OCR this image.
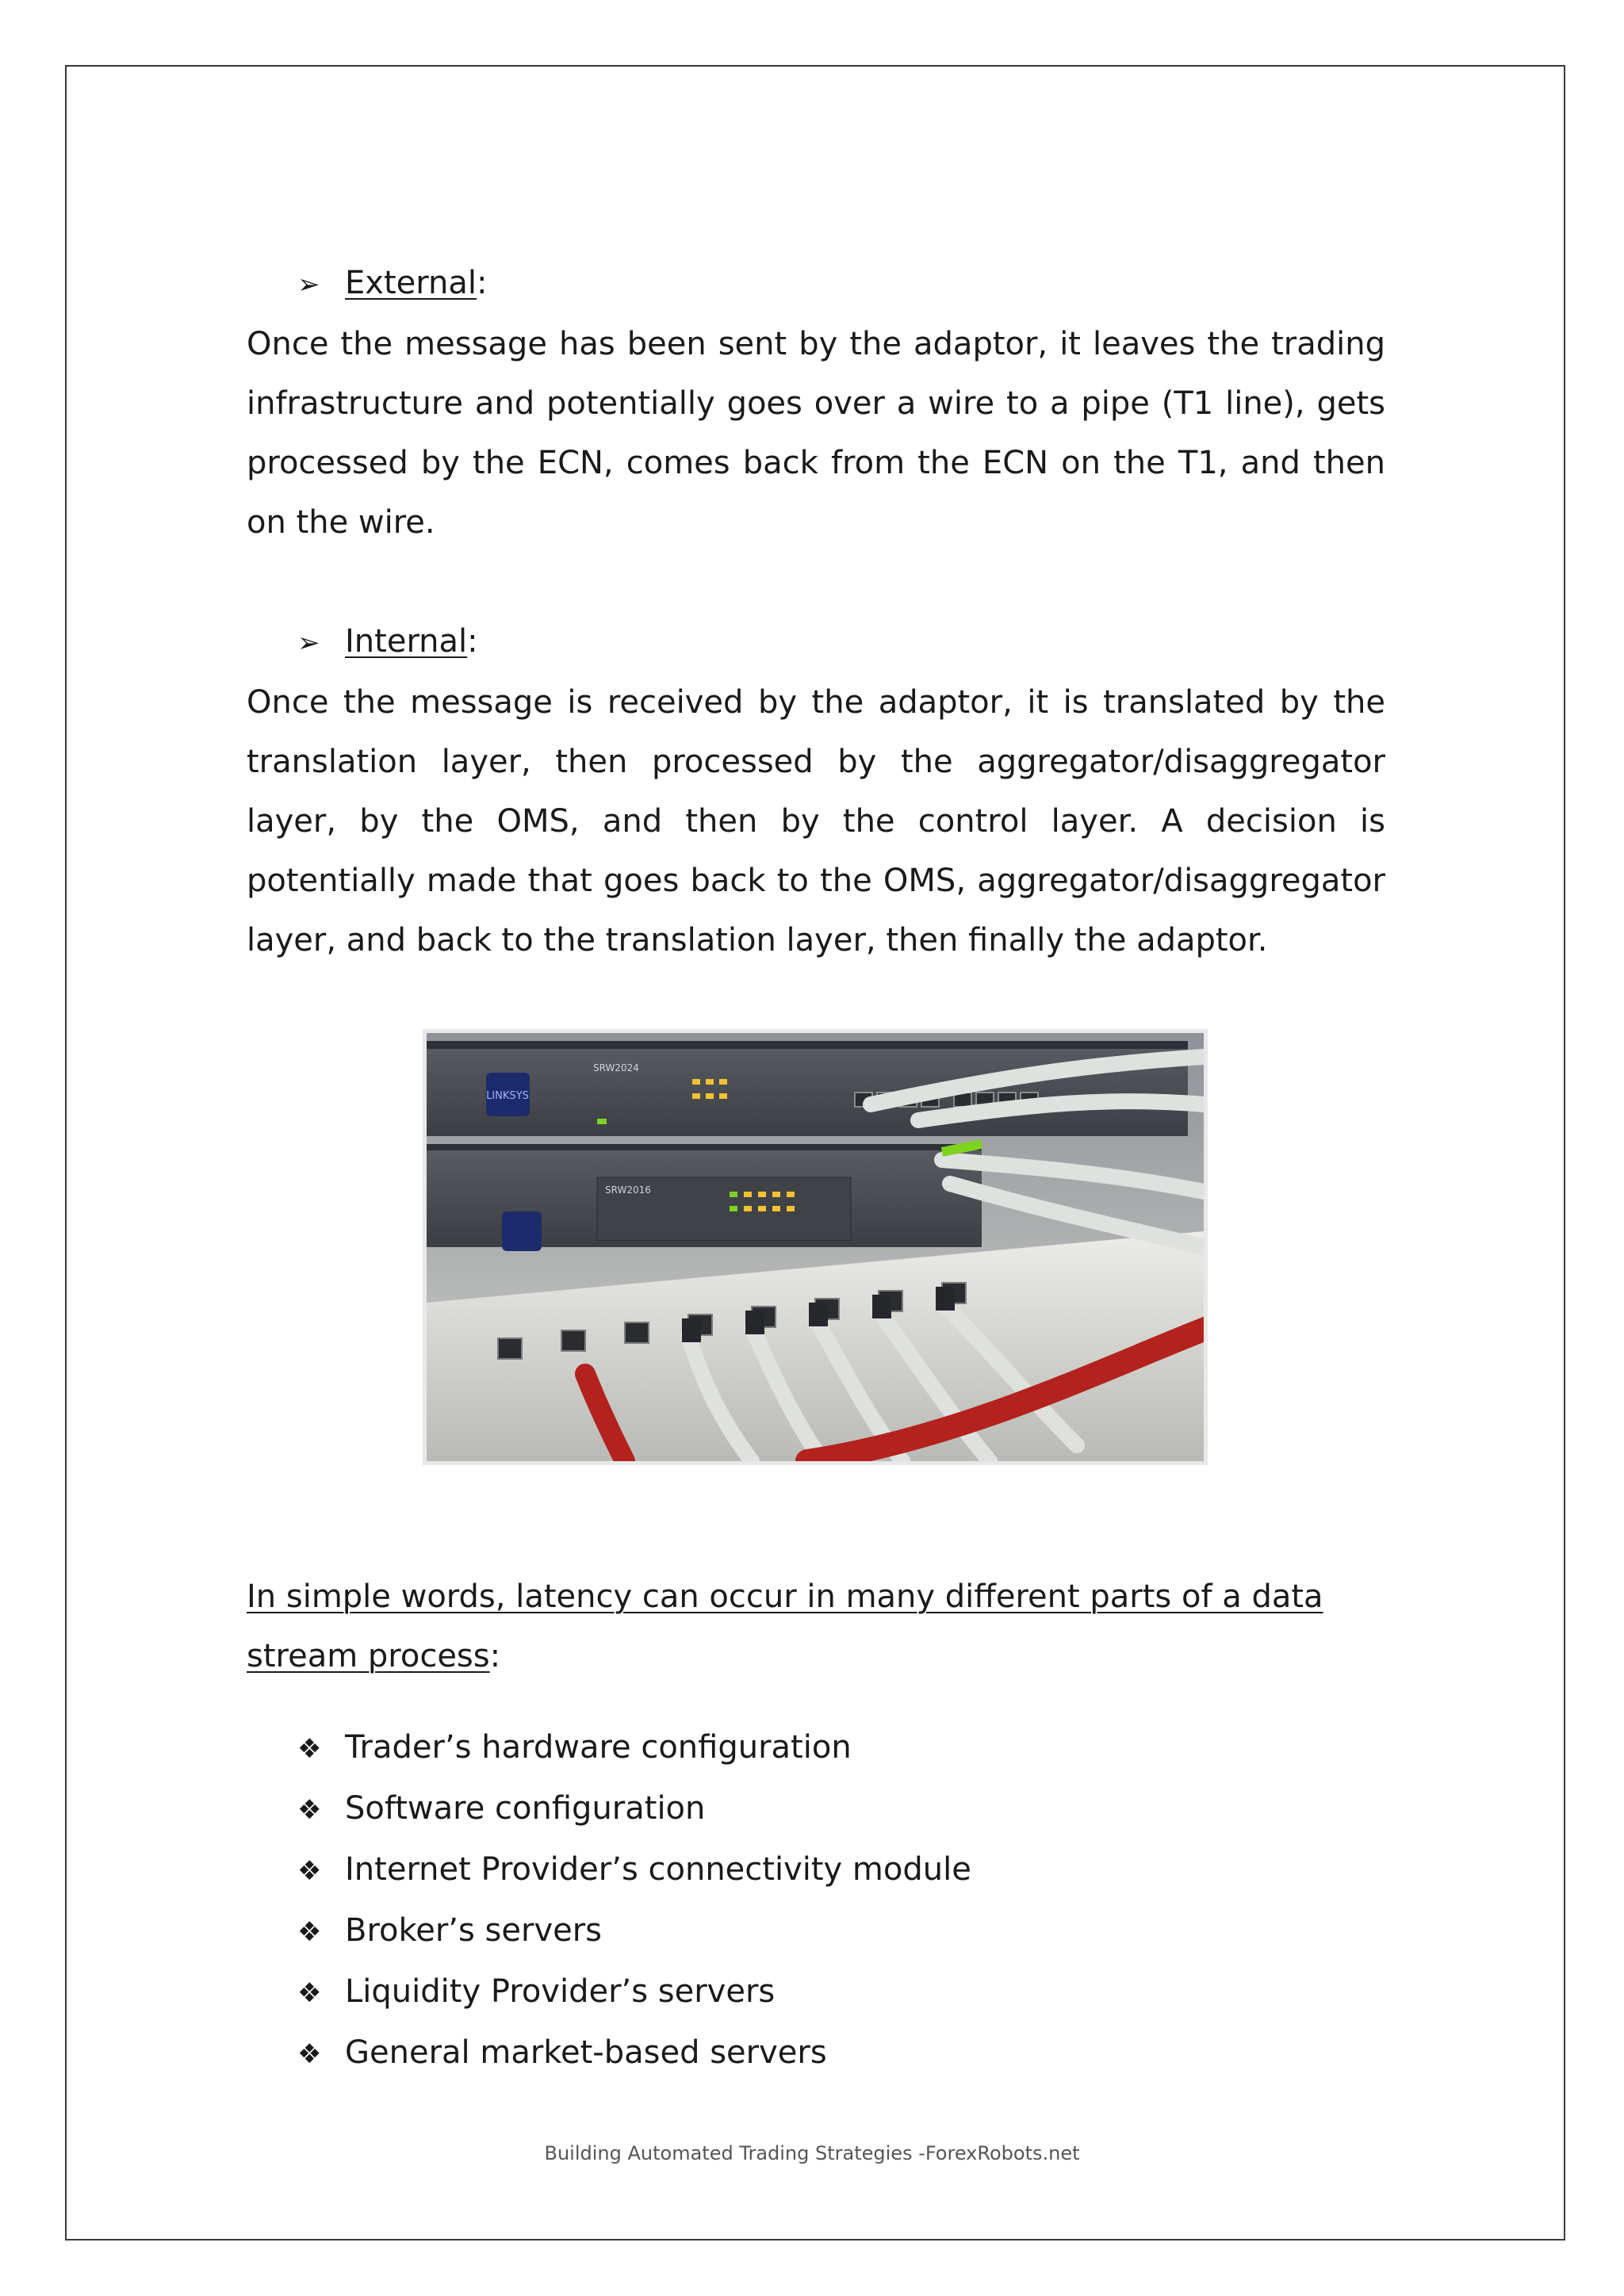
➢ External:

Once the message has been sent by the adaptor, it leaves the trading infrastructure and potentially goes over a wire to a pipe (T1 line), gets processed by the ECN, comes back from the ECN on the T1, and then on the wire.

➢ Internal:

Once the message is received by the adaptor, it is translated by the translation layer, then processed by the aggregator/disaggregator layer, by the OMS, and then by the control layer. A decision is potentially made that goes back to the OMS, aggregator/disaggregator layer, and back to the translation layer, then finally the adaptor.

LINKSYS
SRW2024
SRW2016

In simple words, latency can occur in many different parts of a data stream process:

❖ Trader’s hardware configuration
❖ Software configuration
❖ Internet Provider’s connectivity module
❖ Broker’s servers
❖ Liquidity Provider’s servers
❖ General market-based servers
Building Automated Trading Strategies -ForexRobots.net
